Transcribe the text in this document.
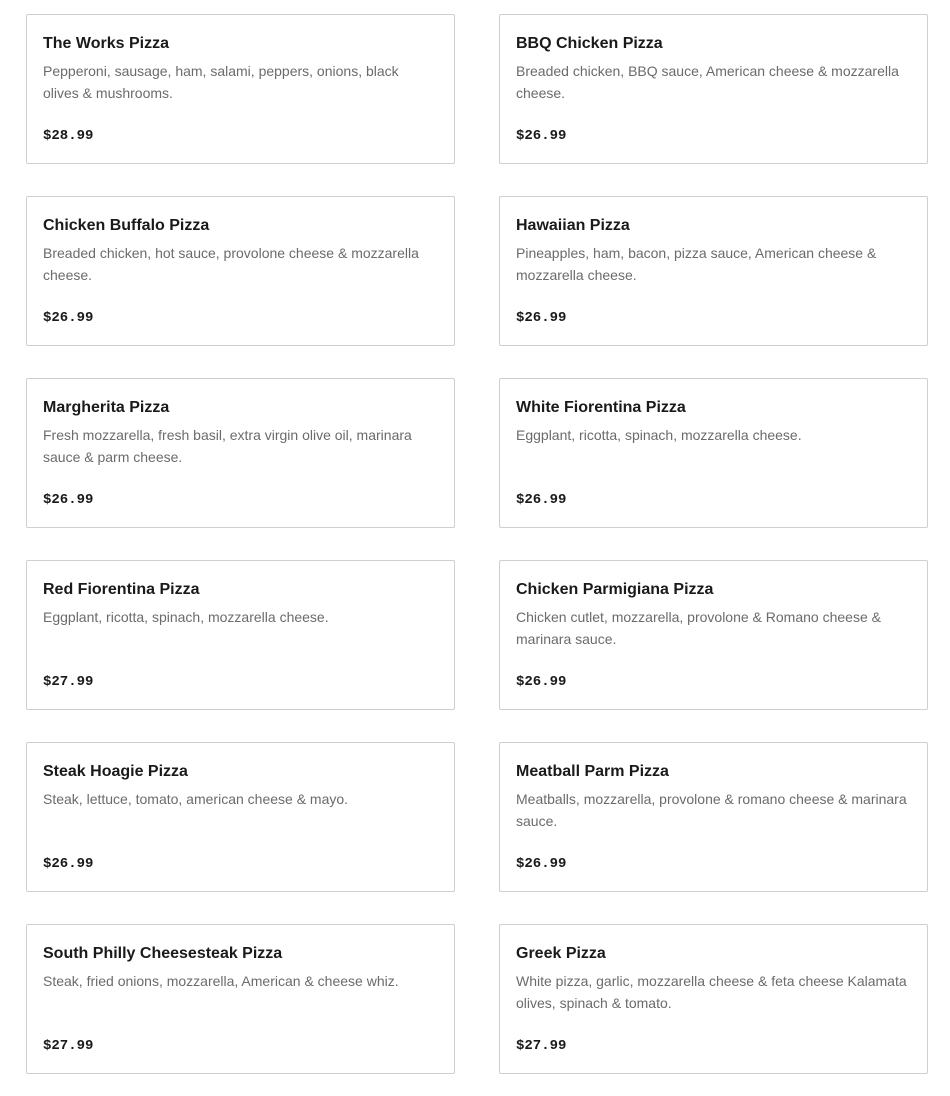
The Works Pizza
Pepperoni, sausage, ham, salami, peppers, onions, black olives & mushrooms.
$28.99
BBQ Chicken Pizza
Breaded chicken, BBQ sauce, American cheese & mozzarella cheese.
$26.99
Chicken Buffalo Pizza
Breaded chicken, hot sauce, provolone cheese & mozzarella cheese.
$26.99
Hawaiian Pizza
Pineapples, ham, bacon, pizza sauce, American cheese & mozzarella cheese.
$26.99
Margherita Pizza
Fresh mozzarella, fresh basil, extra virgin olive oil, marinara sauce & parm cheese.
$26.99
White Fiorentina Pizza
Eggplant, ricotta, spinach, mozzarella cheese.
$26.99
Red Fiorentina Pizza
Eggplant, ricotta, spinach, mozzarella cheese.
$27.99
Chicken Parmigiana Pizza
Chicken cutlet, mozzarella, provolone & Romano cheese & marinara sauce.
$26.99
Steak Hoagie Pizza
Steak, lettuce, tomato, american cheese & mayo.
$26.99
Meatball Parm Pizza
Meatballs, mozzarella, provolone & romano cheese & marinara sauce.
$26.99
South Philly Cheesesteak Pizza
Steak, fried onions, mozzarella, American & cheese whiz.
$27.99
Greek Pizza
White pizza, garlic, mozzarella cheese & feta cheese Kalamata olives, spinach & tomato.
$27.99
